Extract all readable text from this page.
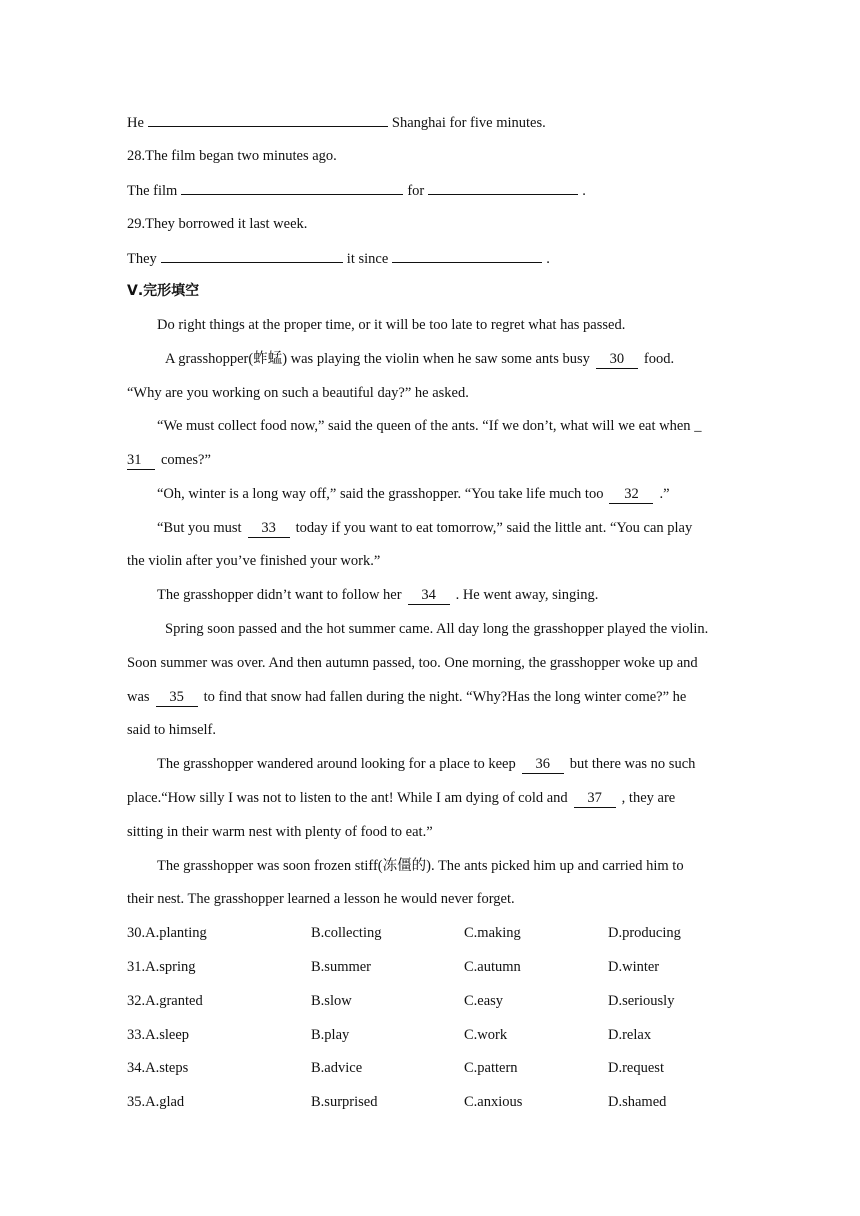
He	Shanghai for five minutes.
28.The film began two minutes ago.
The film	for	.
29.They borrowed it last week.
They	it since	.
Ⅴ.完形填空
Do right things at the proper time, or it will be too late to regret what has passed.
A grasshopper(蚱蜢) was playing the violin when he saw some ants busy 30 food.
“Why are you working on such a beautiful day?” he asked.
“We must collect food now,” said the queen of the ants. “If we don’t, what will we eat when _
31 comes?”
“Oh, winter is a long way off,” said the grasshopper. “You take life much too 32 .”
“But you must 33 today if you want to eat tomorrow,” said the little ant. “You can play
the violin after you’ve finished your work.”
The grasshopper didn’t want to follow her 34 . He went away, singing.
Spring soon passed and the hot summer came. All day long the grasshopper played the violin.
Soon summer was over. And then autumn passed, too. One morning, the grasshopper woke up and
was 35 to find that snow had fallen during the night. “Why?Has the long winter come?” he
said to himself.
The grasshopper wandered around looking for a place to keep 36 but there was no such
place.“How silly I was not to listen to the ant! While I am dying of cold and 37 , they are
sitting in their warm nest with plenty of food to eat.”
The grasshopper was soon frozen stiff(冻僵的). The ants picked him up and carried him to
their nest. The grasshopper learned a lesson he would never forget.
30.A.planting	B.collecting	C.making	D.producing
31.A.spring	B.summer	C.autumn	D.winter
32.A.granted	B.slow	C.easy	D.seriously
33.A.sleep	B.play	C.work	D.relax
34.A.steps	B.advice	C.pattern	D.request
35.A.glad	B.surprised	C.anxious	D.shamed
